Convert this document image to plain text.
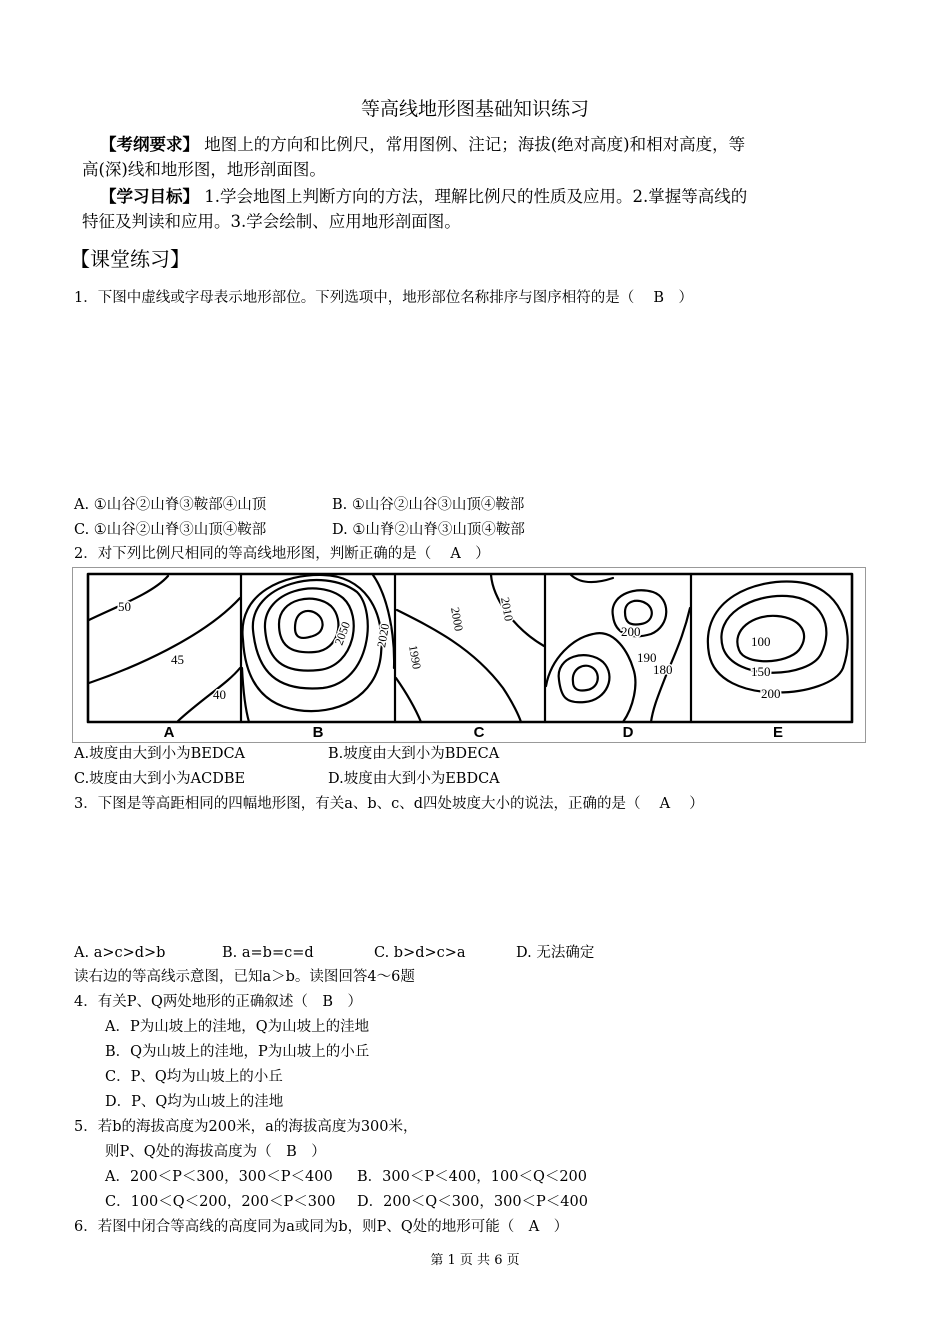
等高线地形图基础知识练习
【考纲要求】 地图上的方向和比例尺，常用图例、注记；海拔(绝对高度)和相对高度，等
高(深)线和地形图，地形剖面图。
【学习目标】 1.学会地图上判断方向的方法，理解比例尺的性质及应用。2.掌握等高线的
特征及判读和应用。3.学会绘制、应用地形剖面图。
【课堂练习】
1．下图中虚线或字母表示地形部位。下列选项中，地形部位名称排序与图序相符的是（　 B　）
A. ①山谷②山脊③鞍部④山顶	B. ①山谷②山谷③山顶④鞍部
C. ①山谷②山脊③山顶④鞍部	D. ①山脊②山脊③山顶④鞍部
2．对下列比例尺相同的等高线地形图，判断正确的是（　 A　）
50
45
40
2050 2020
2000	2010
1990
200
190
180
100
150
200
A	B	C	D	E
A.坡度由大到小为BEDCA	B.坡度由大到小为BDECA
C.坡度由大到小为ACDBE	D.坡度由大到小为EBDCA
3．下图是等高距相同的四幅地形图，有关a、b、c、d四处坡度大小的说法，正确的是（　 A　 ）
A. a>c>d>b	B. a=b=c=d	C. b>d>c>a	D. 无法确定
读右边的等高线示意图，已知a＞b。读图回答4～6题
4．有关P、Q两处地形的正确叙述（　B　）
A．P为山坡上的洼地，Q为山坡上的洼地
B．Q为山坡上的洼地，P为山坡上的小丘
C．P、Q均为山坡上的小丘
D．P、Q均为山坡上的洼地
5．若b的海拔高度为200米，a的海拔高度为300米，
则P、Q处的海拔高度为（　B　）
A．200＜P＜300，300＜P＜400 B．300＜P＜400，100＜Q＜200
C．100＜Q＜200，200＜P＜300 D．200＜Q＜300，300＜P＜400
6．若图中闭合等高线的高度同为a或同为b，则P、Q处的地形可能（　A　）
第 1 页 共 6 页
